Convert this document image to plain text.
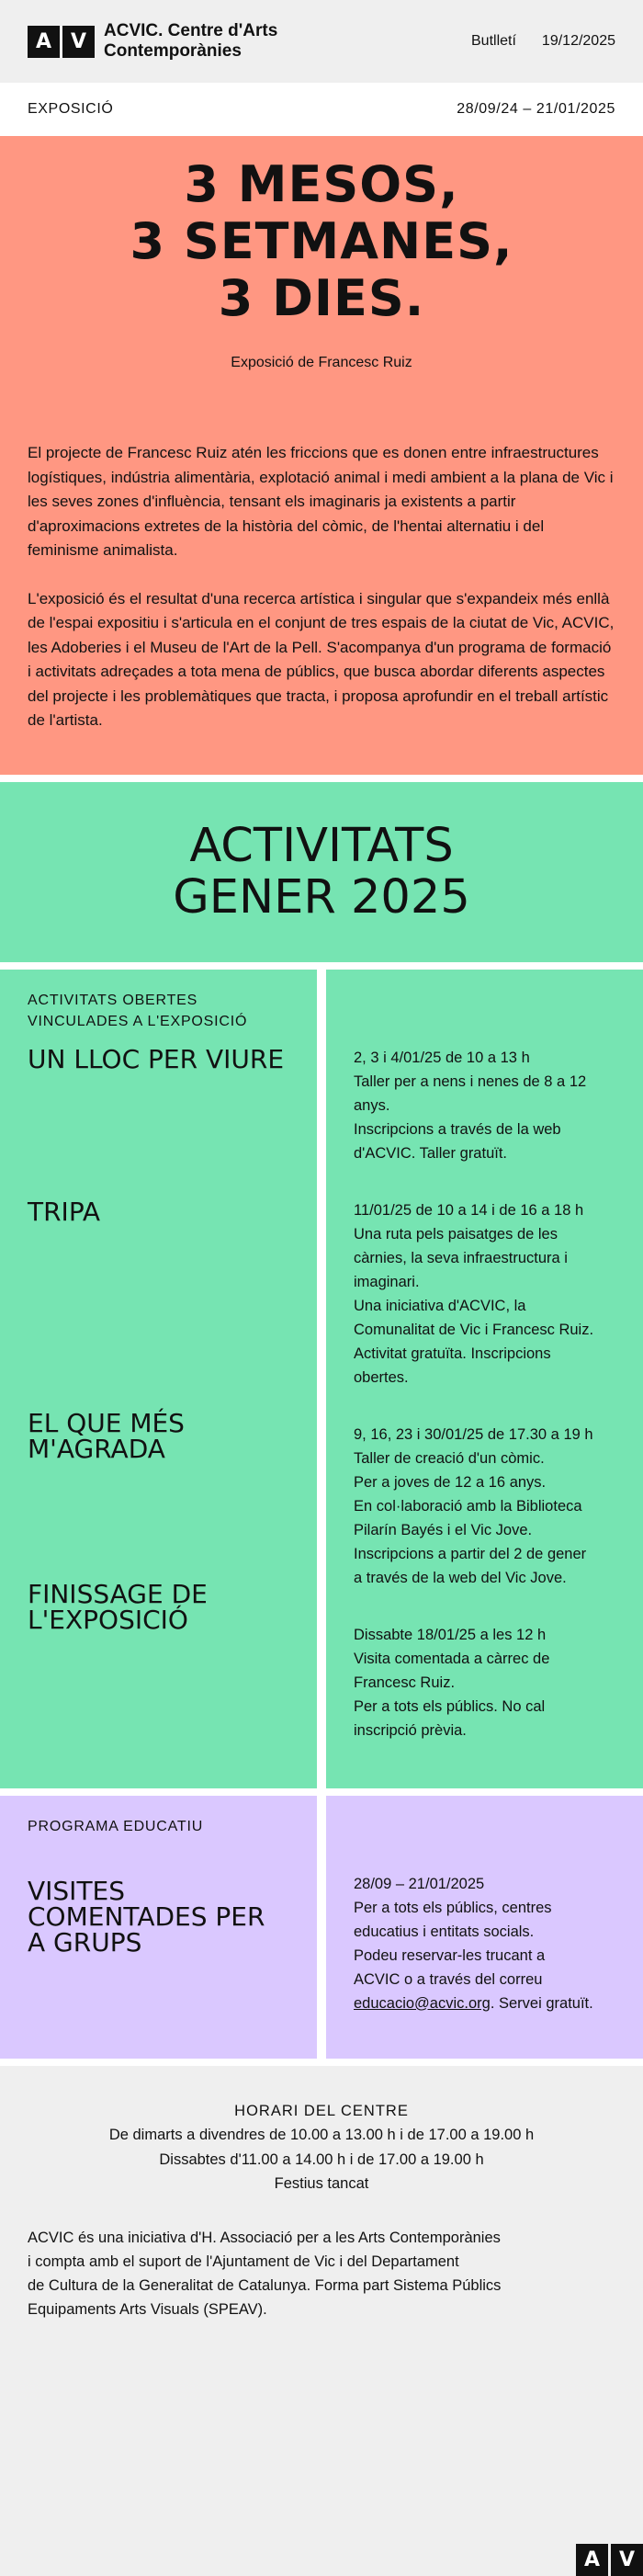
A V ACVIC. Centre d'Arts
Contemporànies
Butlletí 19/12/2025
EXPOSICIÓ	28/09/24 – 21/01/2025
3 MESOS,
3 SETMANES,
3 DIES.
Exposició de Francesc Ruiz

El projecte de Francesc Ruiz atén les friccions que es donen entre infraestructures logístiques, indústria alimentària, explotació animal i medi ambient a la plana de Vic i les seves zones d'influència, tensant els imaginaris ja existents a partir d'aproximacions extretes de la història del còmic, de l'hentai alternatiu i del feminisme animalista.

L'exposició és el resultat d'una recerca artística i singular que s'expandeix més enllà de l'espai expositiu i s'articula en el conjunt de tres espais de la ciutat de Vic, ACVIC, les Adoberies i el Museu de l'Art de la Pell. S'acompanya d'un programa de formació i activitats adreçades a tota mena de públics, que busca abordar diferents aspectes del projecte i les problemàtiques que tracta, i proposa aprofundir en el treball artístic de l'artista.

ACTIVITATS
GENER 2025
ACTIVITATS OBERTES
VINCULADES A L'EXPOSICIÓ
UN LLOC PER VIURE
TRIPA
EL QUE MÉS
M'AGRADA
FINISSAGE DE
L'EXPOSICIÓ
2, 3 i 4/01/25 de 10 a 13 h
Taller per a nens i nenes de 8 a 12
anys.
Inscripcions a través de la web
d'ACVIC. Taller gratuït.
11/01/25 de 10 a 14 i de 16 a 18 h
Una ruta pels paisatges de les
càrnies, la seva infraestructura i
imaginari.
Una iniciativa d'ACVIC, la
Comunalitat de Vic i Francesc Ruiz.
Activitat gratuïta. Inscripcions
obertes.
9, 16, 23 i 30/01/25 de 17.30 a 19 h
Taller de creació d'un còmic.
Per a joves de 12 a 16 anys.
En col·laboració amb la Biblioteca
Pilarín Bayés i el Vic Jove.
Inscripcions a partir del 2 de gener
a través de la web del Vic Jove.
Dissabte 18/01/25 a les 12 h
Visita comentada a càrrec de
Francesc Ruiz.
Per a tots els públics. No cal
inscripció prèvia.
PROGRAMA EDUCATIU
VISITES
COMENTADES PER
A GRUPS
28/09 – 21/01/2025
Per a tots els públics, centres
educatius i entitats socials.
Podeu reservar-les trucant a
ACVIC o a través del correu
educacio@acvic.org. Servei gratuït.
HORARI DEL CENTRE
De dimarts a divendres de 10.00 a 13.00 h i de 17.00 a 19.00 h
Dissabtes d'11.00 a 14.00 h i de 17.00 a 19.00 h
Festius tancat

ACVIC és una iniciativa d'H. Associació per a les Arts Contemporànies
i compta amb el suport de l'Ajuntament de Vic i del Departament
de Cultura de la Generalitat de Catalunya. Forma part Sistema Públics
Equipaments Arts Visuals (SPEAV).

A V
